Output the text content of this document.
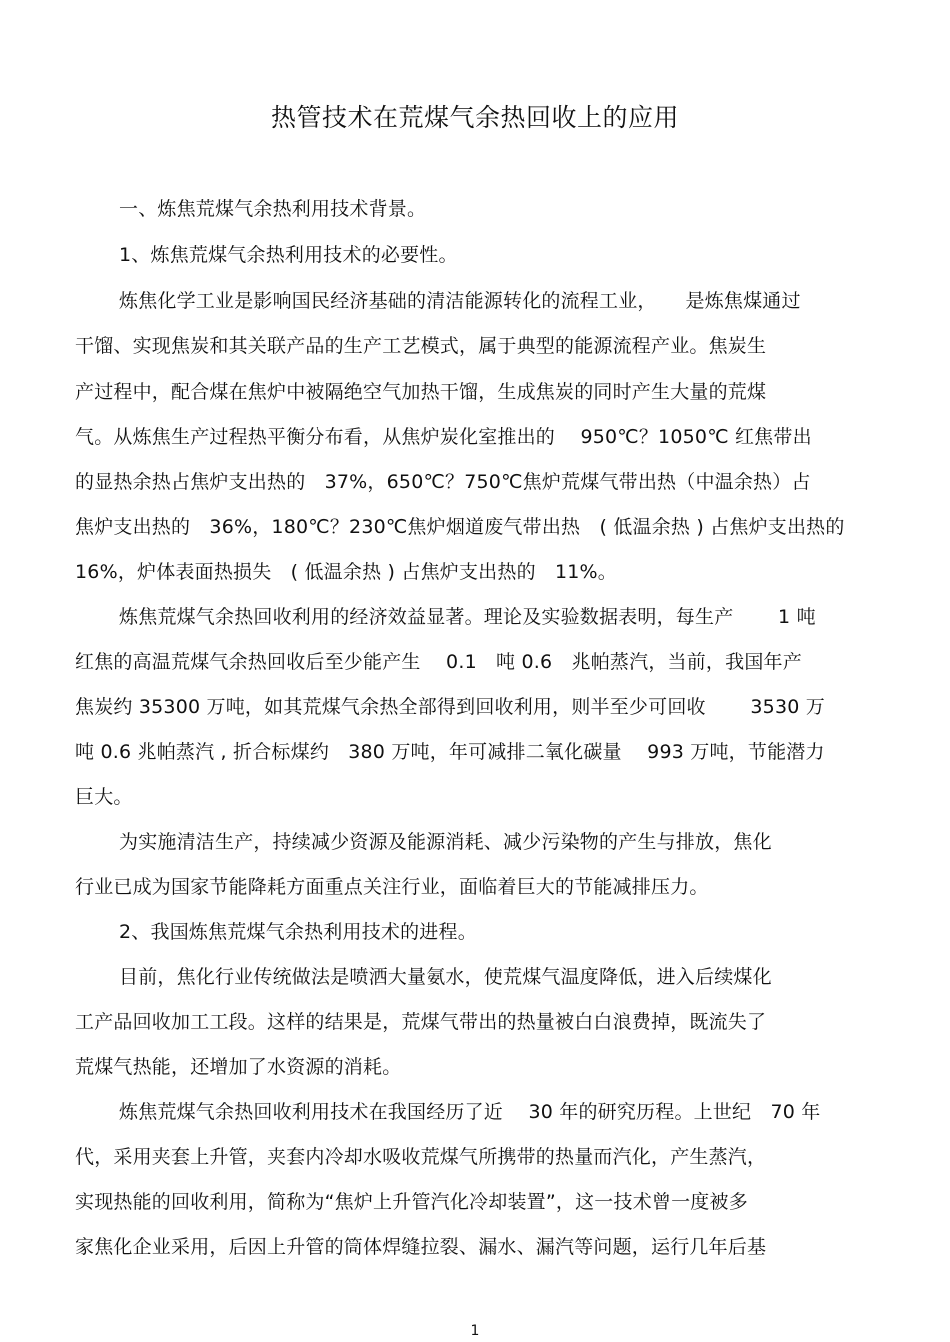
热管技术在荒煤气余热回收上的应用
一、炼焦荒煤气余热利用技术背景。
1、炼焦荒煤气余热利用技术的必要性。
炼焦化学工业是影响国民经济基础的清洁能源转化的流程工业，　　是炼焦煤通过
干馏、实现焦炭和其关联产品的生产工艺模式，属于典型的能源流程产业。焦炭生
产过程中，配合煤在焦炉中被隔绝空气加热干馏，生成焦炭的同时产生大量的荒煤
气。从炼焦生产过程热平衡分布看，从焦炉炭化室推出的　 950℃？1050℃ 红焦带出
的显热余热占焦炉支出热的　37%，650℃？750℃焦炉荒煤气带出热（中温余热）占
焦炉支出热的　36%，180℃？230℃焦炉烟道废气带出热　( 低温余热 ) 占焦炉支出热的
16%，炉体表面热损失　( 低温余热 ) 占焦炉支出热的　11%。
炼焦荒煤气余热回收利用的经济效益显著。理论及实验数据表明，每生产　　 1 吨
红焦的高温荒煤气余热回收后至少能产生　 0.1　吨 0.6　兆帕蒸汽，当前，我国年产
焦炭约 35300 万吨，如其荒煤气余热全部得到回收利用，则半至少可回收　　 3530 万
吨 0.6 兆帕蒸汽 , 折合标煤约　380 万吨，年可减排二氧化碳量　 993 万吨，节能潜力
巨大。
为实施清洁生产，持续减少资源及能源消耗、减少污染物的产生与排放，焦化
行业已成为国家节能降耗方面重点关注行业，面临着巨大的节能减排压力。
2、我国炼焦荒煤气余热利用技术的进程。
目前，焦化行业传统做法是喷洒大量氨水，使荒煤气温度降低，进入后续煤化
工产品回收加工工段。这样的结果是，荒煤气带出的热量被白白浪费掉，既流失了
荒煤气热能，还增加了水资源的消耗。
炼焦荒煤气余热回收利用技术在我国经历了近　 30 年的研究历程。上世纪　70 年
代，采用夹套上升管，夹套内冷却水吸收荒煤气所携带的热量而汽化，产生蒸汽，
实现热能的回收利用，简称为“焦炉上升管汽化冷却装置”，这一技术曾一度被多
家焦化企业采用，后因上升管的筒体焊缝拉裂、漏水、漏汽等问题，运行几年后基
1
